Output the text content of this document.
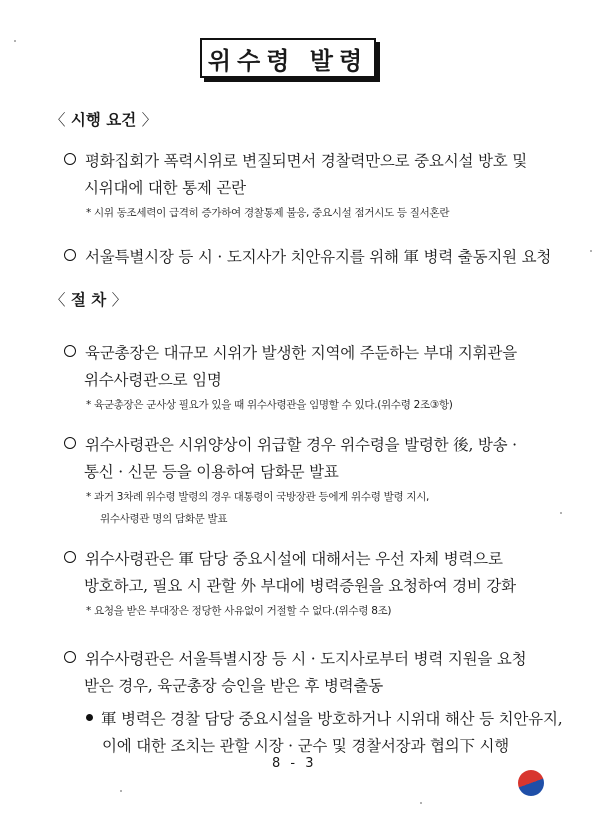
위수령 발령
〈 시행 요건 〉
평화집회가 폭력시위로 변질되면서 경찰력만으로 중요시설 방호 및
시위대에 대한 통제 곤란
* 시위 동조세력이 급격히 증가하여 경찰통제 불응, 중요시설 점거시도 등 질서혼란
서울특별시장 등 시 · 도지사가 치안유지를 위해 軍 병력 출동지원 요청
〈 절 차 〉
육군총장은 대규모 시위가 발생한 지역에 주둔하는 부대 지휘관을
위수사령관으로 임명
* 육군총장은 군사상 필요가 있을 때 위수사령관을 임명할 수 있다.(위수령 2조③항)
위수사령관은 시위양상이 위급할 경우 위수령을 발령한 後, 방송 ·
통신 · 신문 등을 이용하여 담화문 발표
* 과거 3차례 위수령 발령의 경우 대통령이 국방장관 등에게 위수령 발령 지시,
위수사령관 명의 담화문 발표
위수사령관은 軍 담당 중요시설에 대해서는 우선 자체 병력으로
방호하고, 필요 시 관할 外 부대에 병력증원을 요청하여 경비 강화
* 요청을 받은 부대장은 정당한 사유없이 거절할 수 없다.(위수령 8조)
위수사령관은 서울특별시장 등 시 · 도지사로부터 병력 지원을 요청
받은 경우, 육군총장 승인을 받은 후 병력출동
軍 병력은 경찰 담당 중요시설을 방호하거나 시위대 해산 등 치안유지,
이에 대한 조치는 관할 시장 · 군수 및 경찰서장과 협의下 시행
8 - 3
